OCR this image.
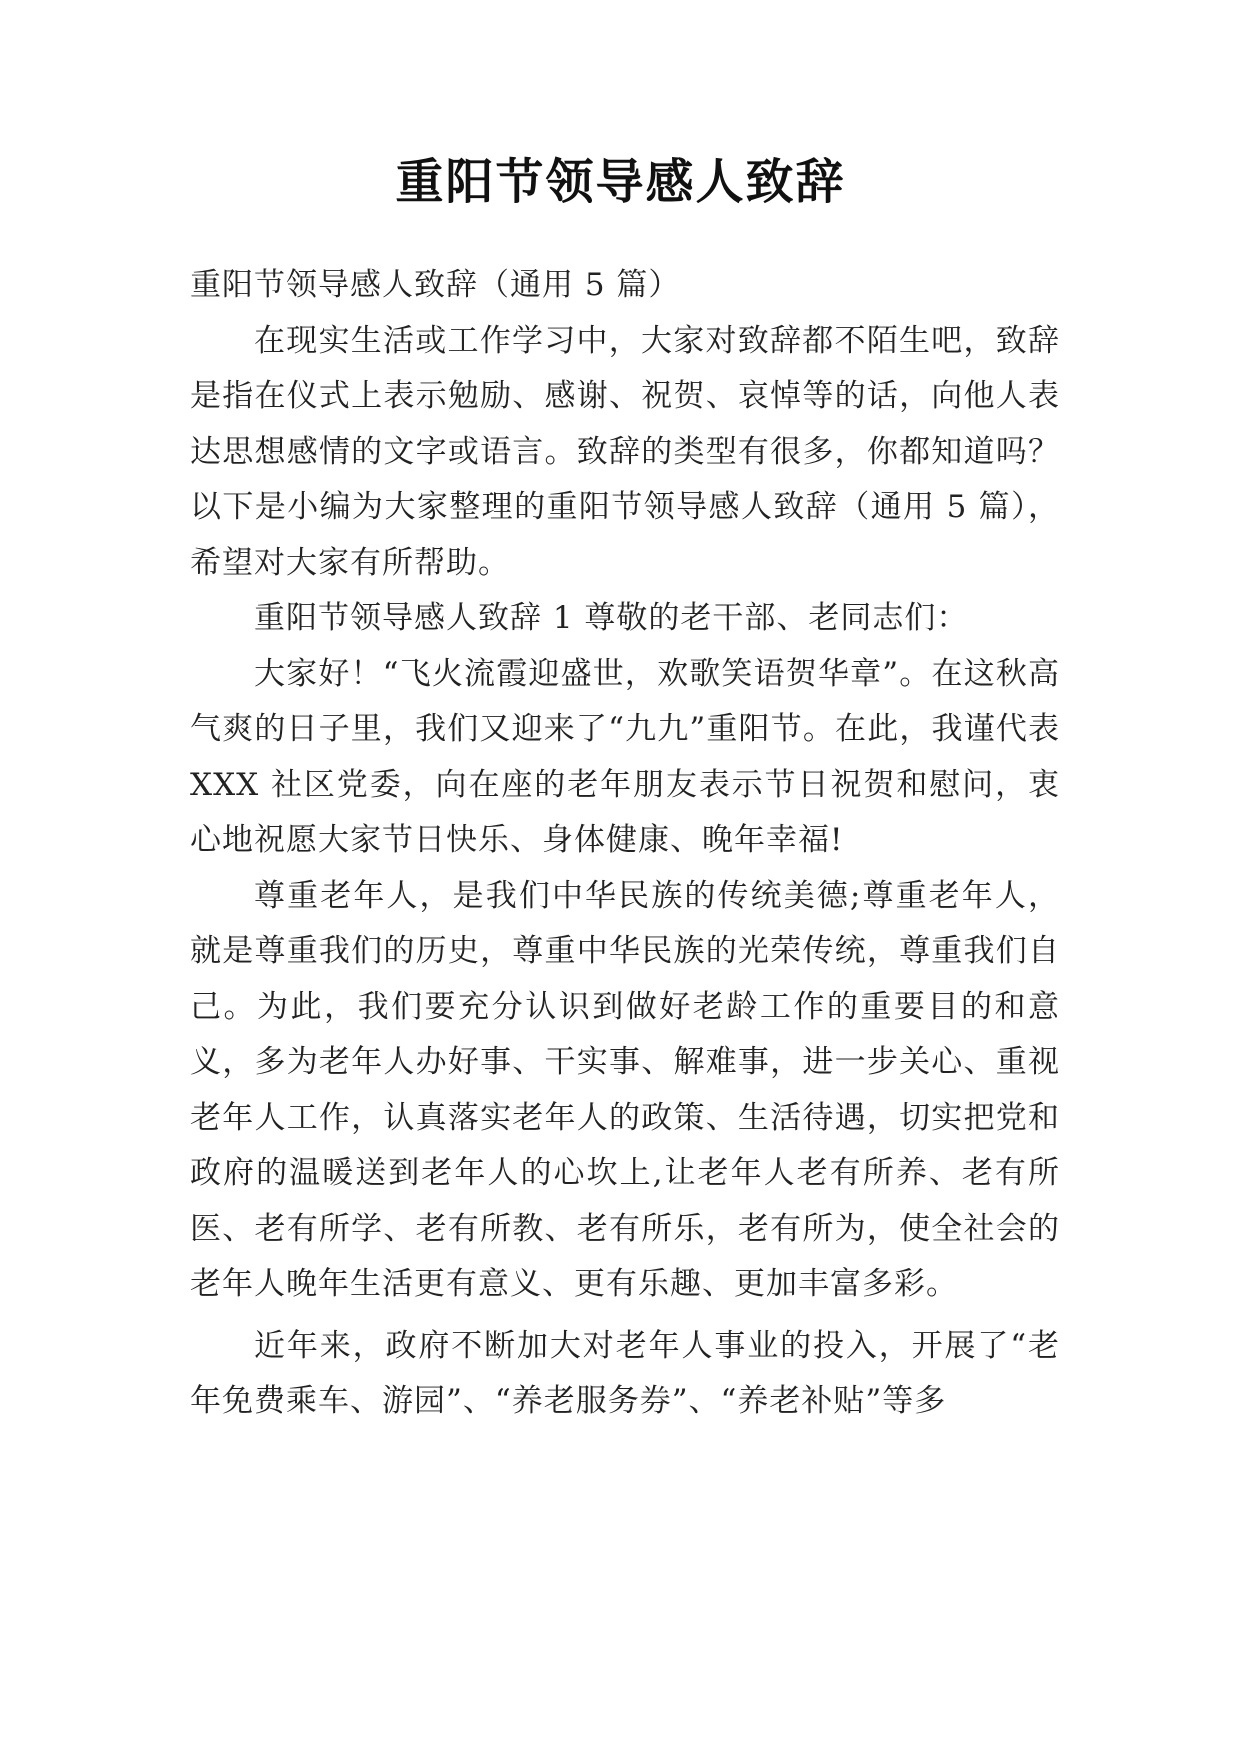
重阳节领导感人致辞

重阳节领导感人致辞（通用 5 篇）

在现实生活或工作学习中，大家对致辞都不陌生吧，致辞是指在仪式上表示勉励、感谢、祝贺、哀悼等的话，向他人表达思想感情的文字或语言。致辞的类型有很多，你都知道吗？以下是小编为大家整理的重阳节领导感人致辞（通用 5 篇），希望对大家有所帮助。

重阳节领导感人致辞 1 尊敬的老干部、老同志们：

大家好！“飞火流霞迎盛世，欢歌笑语贺华章”。在这秋高气爽的日子里，我们又迎来了“九九”重阳节。在此，我谨代表 XXX 社区党委，向在座的老年朋友表示节日祝贺和慰问，衷心地祝愿大家节日快乐、身体健康、晚年幸福!

尊重老年人，是我们中华民族的传统美德;尊重老年人，就是尊重我们的历史，尊重中华民族的光荣传统，尊重我们自己。为此，我们要充分认识到做好老龄工作的重要目的和意义，多为老年人办好事、干实事、解难事，进一步关心、重视老年人工作，认真落实老年人的政策、生活待遇，切实把党和政府的温暖送到老年人的心坎上,让老年人老有所养、老有所医、老有所学、老有所教、老有所乐，老有所为，使全社会的老年人晚年生活更有意义、更有乐趣、更加丰富多彩。

近年来，政府不断加大对老年人事业的投入，开展了“老年免费乘车、游园”、“养老服务券”、“养老补贴”等多
